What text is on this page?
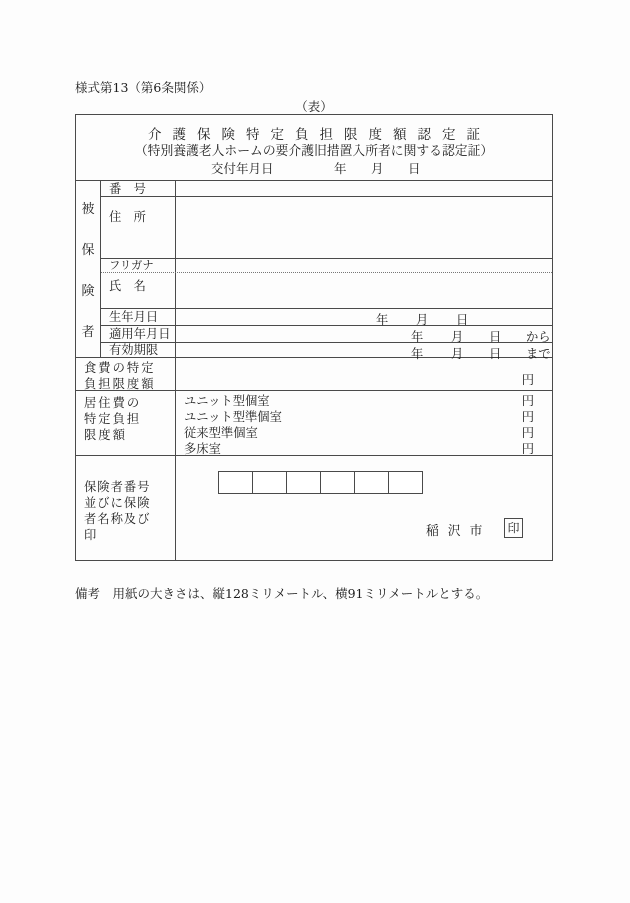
様式第13（第6条関係）
（表）
介護保険特定負担限度額認定証
（特別養護老人ホームの要介護旧措置入所者に関する認定証）
交付年月日	年 月 日
被
保
険
者
番　号
住　所
フリガナ
氏　名
生年月日	年 月 日
適用年月日	年 月 日 から
有効期限	年 月 日 まで
食費の特定
負担限度額	円
居住費の
特定負担
限度額
ユニット型個室	円
ユニット型準個室	円
従来型準個室	円
多床室	円
保険者番号
並びに保険
者名称及び
印	稲沢市 印
備考　用紙の大きさは、縦128ミリメートル、横91ミリメートルとする。
